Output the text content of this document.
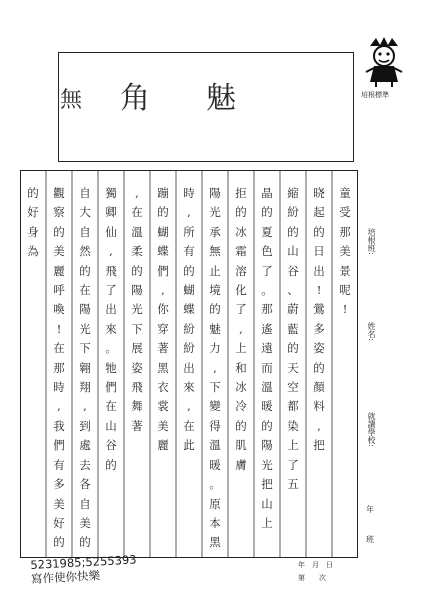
無 角魅	培根標準
童
受
那
美
景
呢
!
晓
起
的
日
出
!
鶯
多
姿
的
顏
料
,
把
縮
紛
的
山
谷
、
蔚
藍
的
天
空
都
染
上
了
五
晶
的
夏
色
了
。
那
遙
遠
而
溫
暖
的
陽
光
把
山
上
拒
的
冰
霜
溶
化
了
,
上
和
冰
冷
的
肌
膚
陽
光
承
無
止
境
的
魅
力
,
下
變
得
溫
暖
。
原
本
黑
時
,
所
有
的
蝴
蝶
紛
紛
出
來
,
在
此
蹦
的
蝴
蝶
們
,
你
穿
著
黑
衣
裳
美
麗
,
在
溫
柔
的
陽
光
下
展
姿
飛
舞
著
獨
卿
仙
,
飛
了
出
來
。
牠
們
在
山
谷
的
自
大
自
然
的
在
陽
光
下
翱
翔
,
到
處
去
各
自
美
的
觀
察
的
美
麗
呼
喚
!
在
那
時
,
我
們
有
多
美
好
的
的
好
身
為	培根班:
姓名:
就讀學校:
年
班
5231985;5255393
寫作使你快樂
年　月　日
第　　次
